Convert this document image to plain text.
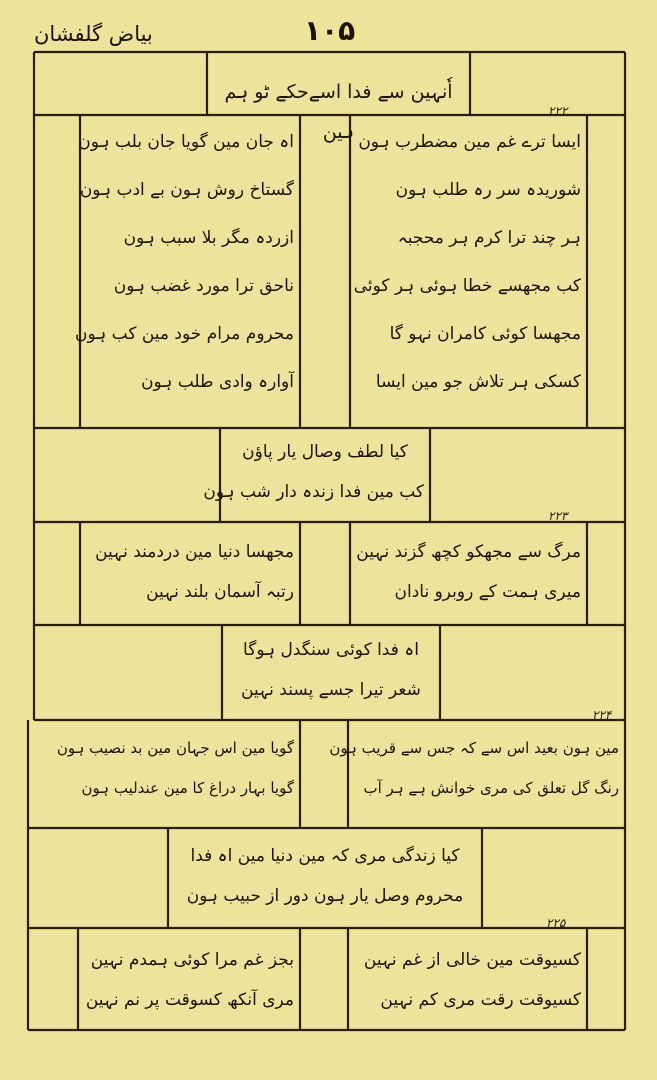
بیاض گلفشان	۱۰۵
اٗنہین سے فدا اسےحکے ٹو ہم ہین
۲۲۲
۲۲۳
۲۲۴
۲۲۵
ایسا ترے غم مین مضطرب ہون
شوریدہ سر رہ طلب ہون
ہر چند ترا کرم ہر محجبہ
کب مجھسے خطا ہوئی ہر کوئی
مجھسا کوئی کامران نہو گا
کسکی ہر تلاش جو مین ایسا
اہ جان مین گویا جان بلب ہون
گستاخ روش ہون بے ادب ہون
ازردہ مگر بلا سبب ہون
ناحق ترا مورد غضب ہون
محروم مرام خود مین کب ہون
آوارہ وادی طلب ہون
کیا لطف وصال یار پاؤن
کب مین فدا زندہ دار شب ہون
مرگ سے مجھکو کچھ گزند نہین
میری ہمت کے روبرو نادان
مجھسا دنیا مین دردمند نہین
رتبہ آسمان بلند نہین
اہ فدا کوئی سنگدل ہوگا
شعر تیرا جسے پسند نہین
مین ہون بعید اس سے کہ جس سے قریب ہون
رنگ گل تعلق کی مری خوانش ہے ہر آب
گویا مین اس جہان مین بد نصیب ہون
گویا بہار دراغ کا مین عندلیب ہون
کیا زندگی مری کہ مین دنیا مین اہ فدا
محروم وصل یار ہون دور از حبیب ہون
کسیوقت مین خالی از غم نہین
کسیوقت رقت مری کم نہین
بجز غم مرا کوئی ہمدم نہین
مری آنکھ کسوقت پر نم نہین
